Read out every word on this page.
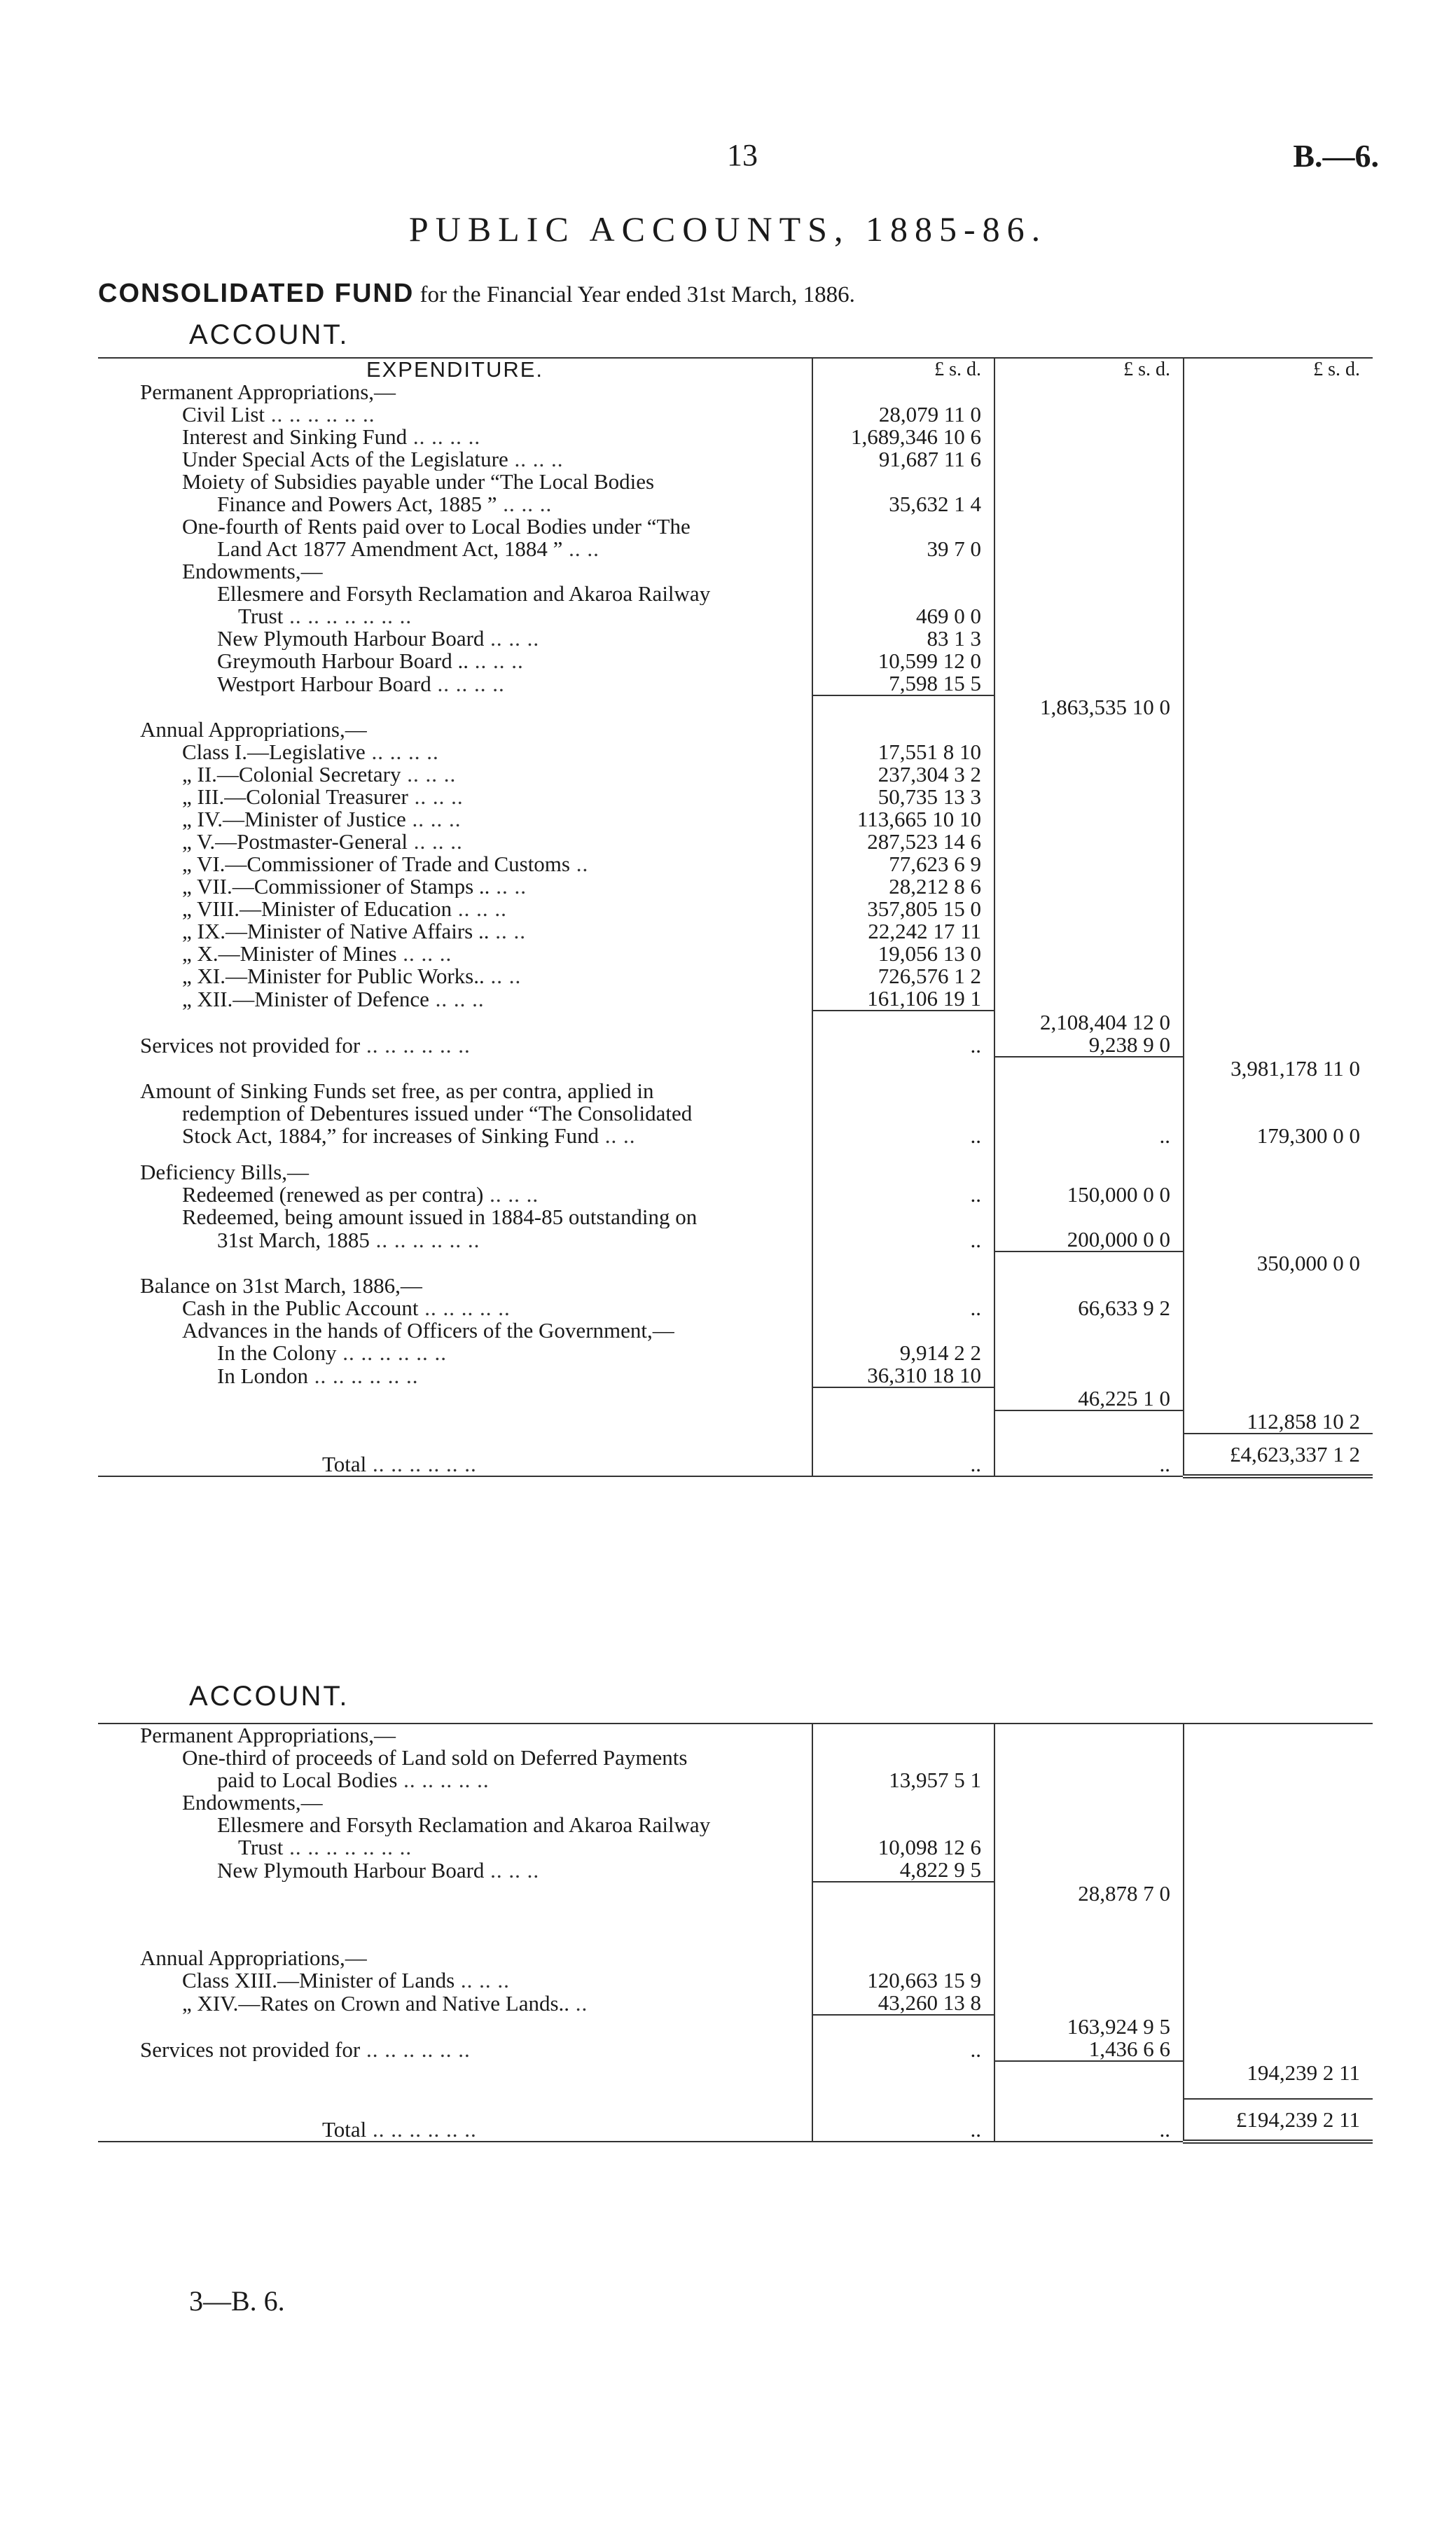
13	B.—6.
PUBLIC ACCOUNTS, 1885-86.
CONSOLIDATED FUND for the Financial Year ended 31st March, 1886.
ACCOUNT.
EXPENDITURE.	£ s. d.	£ s. d.	£ s. d.
Permanent Appropriations,—			
Civil List .. .. .. .. .. ..	28,079 11 0		
Interest and Sinking Fund .. .. .. ..	1,689,346 10 6		
Under Special Acts of the Legislature .. .. ..	91,687 11 6		
Moiety of Subsidies payable under “The Local Bodies			
Finance and Powers Act, 1885 ” .. .. ..	35,632 1 4		
One-fourth of Rents paid over to Local Bodies under “The			
Land Act 1877 Amendment Act, 1884 ” .. ..	39 7 0		
Endowments,—			
Ellesmere and Forsyth Reclamation and Akaroa Railway			
Trust .. .. .. .. .. .. ..	469 0 0		
New Plymouth Harbour Board .. .. ..	83 1 3		
Greymouth Harbour Board .. .. .. ..	10,599 12 0		
Westport Harbour Board .. .. .. ..	7,598 15 5		
		1,863,535 10 0	
Annual Appropriations,—			
Class I.—Legislative .. .. .. ..	17,551 8 10		
„ II.—Colonial Secretary .. .. ..	237,304 3 2		
„ III.—Colonial Treasurer .. .. ..	50,735 13 3		
„ IV.—Minister of Justice .. .. ..	113,665 10 10		
„ V.—Postmaster-General .. .. ..	287,523 14 6		
„ VI.—Commissioner of Trade and Customs ..	77,623 6 9		
„ VII.—Commissioner of Stamps .. .. ..	28,212 8 6		
„ VIII.—Minister of Education .. .. ..	357,805 15 0		
„ IX.—Minister of Native Affairs .. .. ..	22,242 17 11		
„ X.—Minister of Mines .. .. ..	19,056 13 0		
„ XI.—Minister for Public Works.. .. ..	726,576 1 2		
„ XII.—Minister of Defence .. .. ..	161,106 19 1		
		2,108,404 12 0	
Services not provided for .. .. .. .. .. ..	..	9,238 9 0	
			3,981,178 11 0
Amount of Sinking Funds set free, as per contra, applied in			
redemption of Debentures issued under “The Consolidated			
Stock Act, 1884,” for increases of Sinking Fund .. ..	..	..	179,300 0 0

Deficiency Bills,—			
Redeemed (renewed as per contra) .. .. ..	..	150,000 0 0	
Redeemed, being amount issued in 1884-85 outstanding on			
31st March, 1885 .. .. .. .. .. ..	..	200,000 0 0	
			350,000 0 0
Balance on 31st March, 1886,—			
Cash in the Public Account .. .. .. .. ..	..	66,633 9 2	
Advances in the hands of Officers of the Government,—			
In the Colony .. .. .. .. .. ..	9,914 2 2		
In London .. .. .. .. .. ..	36,310 18 10		
		46,225 1 0	
			112,858 10 2
Total .. .. .. .. .. ..	..	..	£4,623,337 1 2
ACCOUNT.
Permanent Appropriations,—			
One-third of proceeds of Land sold on Deferred Payments			
paid to Local Bodies .. .. .. .. ..	13,957 5 1		
Endowments,—			
Ellesmere and Forsyth Reclamation and Akaroa Railway			
Trust .. .. .. .. .. .. ..	10,098 12 6		
New Plymouth Harbour Board .. .. ..	4,822 9 5		
		28,878 7 0	

Annual Appropriations,—			
Class XIII.—Minister of Lands .. .. ..	120,663 15 9		
„ XIV.—Rates on Crown and Native Lands.. ..	43,260 13 8		
		163,924 9 5	
Services not provided for .. .. .. .. .. ..	..	1,436 6 6	
			194,239 2 11

Total .. .. .. .. .. ..	..	..	£194,239 2 11
3—B. 6.
